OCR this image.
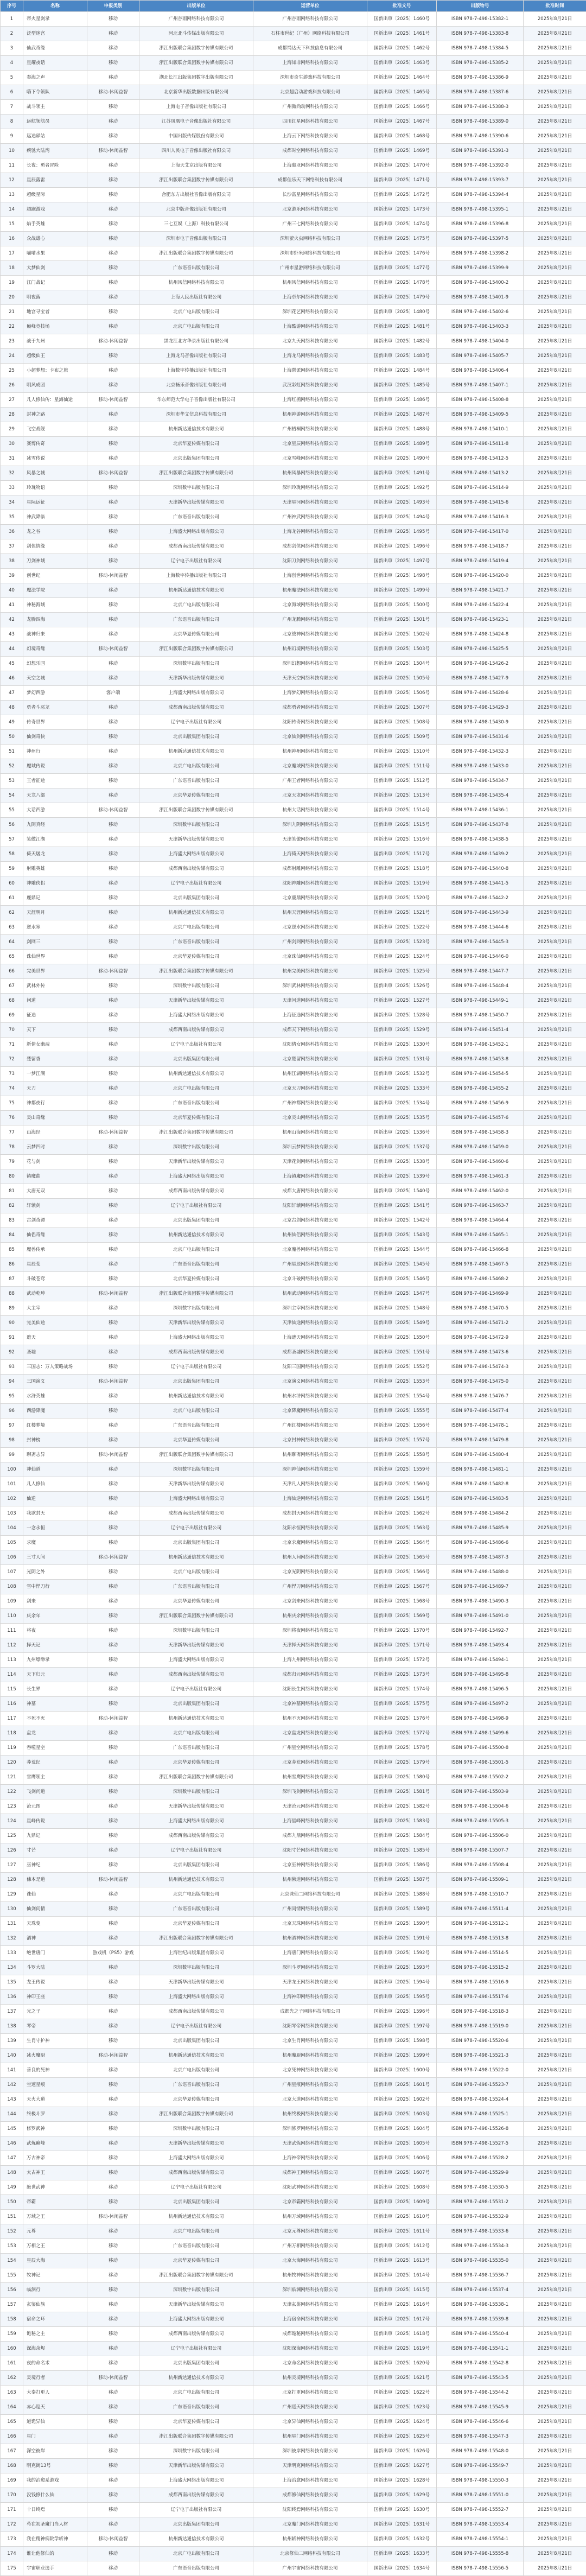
序号	名称	申报类别	出版单位	运营单位	批准文号	出版物号	批准时间
1	帝火星剑录	移动	广州谷雨网络科技有限公司	广州谷雨网络科技有限公司	国新出审〔2025〕1460号	ISBN 978-7-498-15382-1	2025年8月21日
2	泛型迷宫	移动	河北北斗传媒出版有限公司	石柱市世纪（广州）网络科技有限公司	国新出审〔2025〕1461号	ISBN 978-7-498-15383-8	2025年8月21日
3	仙武奇缘	移动	浙江出版联合集团数字传媒有限公司	成都绳达天下科技信息有限公司	国新出审〔2025〕1462号	ISBN 978-7-498-15384-5	2025年8月21日
4	星耀夜话	移动	浙江出版联合集团数字传媒有限公司	上海知非网络科技有限公司	国新出审〔2025〕1463号	ISBN 978-7-498-15385-2	2025年8月21日
5	秦海之声	移动	湖北长江出版集团数字出版有限公司	深圳市奇生游戏科技有限公司	国新出审〔2025〕1464号	ISBN 978-7-498-15386-9	2025年8月21日
6	嗨下令领队	移动-休闲益智	北京新华出版数据出版有限公司	北京超启动游戏科技有限公司	国新出审〔2025〕1465号	ISBN 978-7-498-15387-6	2025年8月21日
7	战斗领主	移动	上海电子音像出版社有限公司	广州微尚动网科技有限公司	国新出审〔2025〕1466号	ISBN 978-7-498-15388-3	2025年8月21日
8	远航领航员	移动	江苏凤凰电子音像出版社有限公司	四川红星网络科技有限公司	国新出审〔2025〕1467号	ISBN 978-7-498-15389-0	2025年8月21日
9	远途驿站	移动	中国出版传媒股份有限公司	上海云下网络科技有限公司	国新出审〔2025〕1468号	ISBN 978-7-498-15390-6	2025年8月21日
10	疾驰大陆湾	移动-休闲益智	四川人民电子音像出版社有限公司	成都时空网络科技有限公司	国新出审〔2025〕1469号	ISBN 978-7-498-15391-3	2025年8月21日
11	长夜：勇者冒险	移动	上海天艾京出版有限公司	上海惠亚网络科技有限公司	国新出审〔2025〕1470号	ISBN 978-7-498-15392-0	2025年8月21日
12	星辰落雷	移动	浙江出版联合集团数字传媒有限公司	成都佳乐天下网络科技有限公司	国新出审〔2025〕1471号	ISBN 978-7-498-15393-7	2025年8月21日
13	超级星际	移动	合肥东方出版社音像出版有限公司	长沙富星网络科技有限公司	国新出审〔2025〕1472号	ISBN 978-7-498-15394-4	2025年8月21日
14	超跑游戏	移动	北京中版音像出版社有限公司	北京游乐网络科技有限公司	国新出审〔2025〕1473号	ISBN 978-7-498-15395-1	2025年8月21日
15	焰手英雄	移动	三七互娱（上海）科技有限公司	广州三七网络科技有限公司	国新出审〔2025〕1474号	ISBN 978-7-498-15396-8	2025年8月21日
16	众战雄心	移动	深圳市电子音像出版有限公司	深圳萤火虫网络科技有限公司	国新出审〔2025〕1475号	ISBN 978-7-498-15397-5	2025年8月21日
17	喵喵水果	移动	浙江出版联合集团数字传媒有限公司	深圳市虾米网络科技有限公司	国新出审〔2025〕1476号	ISBN 978-7-498-15398-2	2025年8月21日
18	大梦仙剑	移动	广东语音出版有限公司	广州市星游网络科技有限公司	国新出审〔2025〕1477号	ISBN 978-7-498-15399-9	2025年8月21日
19	江门战记	移动	杭州风信网络科技有限公司	杭州风信网络科技有限公司	国新出审〔2025〕1478号	ISBN 978-7-498-15400-2	2025年8月21日
20	明夜落	移动	上海人民出版社有限公司	上海卓尔网络科技有限公司	国新出审〔2025〕1479号	ISBN 978-7-498-15401-9	2025年8月21日
21	地宫寻宝者	移动	北京广电出版有限公司	深圳花艺网络科技有限公司	国新出审〔2025〕1480号	ISBN 978-7-498-15402-6	2025年8月21日
22	巅峰竞技场	移动	北京广电出版有限公司	上海酷游网络科技有限公司	国新出审〔2025〕1481号	ISBN 978-7-498-15403-3	2025年8月21日
23	战于九州	移动-休闲益智	黑龙江北方华录出版社有限公司	北京九天网络科技有限公司	国新出审〔2025〕1482号	ISBN 978-7-498-15404-0	2025年8月21日
24	超级仙王	移动	上海龙马音像出版社有限公司	上海龙马网络科技有限公司	国新出审〔2025〕1483号	ISBN 978-7-498-15405-7	2025年8月21日
25	小超梦想：卡布之旅	移动	上海数字传播出版社有限公司	上海帮派网络科技有限公司	国新出审〔2025〕1484号	ISBN 978-7-498-15406-4	2025年8月21日
26	明风成团	移动	北京畅乐音像出版社有限公司	武汉彩虹网络科技有限公司	国新出审〔2025〕1485号	ISBN 978-7-498-15407-1	2025年8月21日
27	凡人修仙传：星海仙途	移动-休闲益智	华东师范大学电子音像出版社有限公司	上海红鹊网络科技有限公司	国新出审〔2025〕1486号	ISBN 978-7-498-15408-8	2025年8月21日
28	封神之路	移动	深圳市华文信息科技有限公司	杭州神游网络科技有限公司	国新出审〔2025〕1487号	ISBN 978-7-498-15409-5	2025年8月21日
29	飞空战舰	移动	杭州新达通信技术有限公司	广州梧桐网络科技有限公司	国新出审〔2025〕1488号	ISBN 978-7-498-15410-1	2025年8月21日
30	赛博传奇	移动	北京华夏传媒有限公司	北京星辰网络科技有限公司	国新出审〔2025〕1489号	ISBN 978-7-498-15411-8	2025年8月21日
31	冰雪传说	移动	北京出版集团有限公司	北京雪峰网络科技有限公司	国新出审〔2025〕1490号	ISBN 978-7-498-15412-5	2025年8月21日
32	风暴之城	移动-休闲益智	浙江出版联合集团数字传媒有限公司	杭州风暴网络科技有限公司	国新出审〔2025〕1491号	ISBN 978-7-498-15413-2	2025年8月21日
33	玲珑物语	移动	深圳数字出版有限公司	深圳玲珑网络科技有限公司	国新出审〔2025〕1492号	ISBN 978-7-498-15414-9	2025年8月21日
34	星际远征	移动	天津新华出版传媒有限公司	天津星河网络科技有限公司	国新出审〔2025〕1493号	ISBN 978-7-498-15415-6	2025年8月21日
35	神武降临	移动	广东语音出版有限公司	广州神武网络科技有限公司	国新出审〔2025〕1494号	ISBN 978-7-498-15416-3	2025年8月21日
36	龙之谷	移动	上海盛大网络出版有限公司	上海龙谷网络科技有限公司	国新出审〔2025〕1495号	ISBN 978-7-498-15417-0	2025年8月21日
37	剑侠情缘	移动	成都西南出版传媒有限公司	成都剑侠网络科技有限公司	国新出审〔2025〕1496号	ISBN 978-7-498-15418-7	2025年8月21日
38	刀剑神域	移动	辽宁电子出版社有限公司	沈阳刀剑网络科技有限公司	国新出审〔2025〕1497号	ISBN 978-7-498-15419-4	2025年8月21日
39	创世纪	移动-休闲益智	上海数字传播出版社有限公司	上海创世网络科技有限公司	国新出审〔2025〕1498号	ISBN 978-7-498-15420-0	2025年8月21日
40	魔法学院	移动	杭州新达通信技术有限公司	杭州魔法网络科技有限公司	国新出审〔2025〕1499号	ISBN 978-7-498-15421-7	2025年8月21日
41	神秘海域	移动	北京广电出版有限公司	北京海域网络科技有限公司	国新出审〔2025〕1500号	ISBN 978-7-498-15422-4	2025年8月21日
42	龙腾四海	移动	广东语音出版有限公司	广州龙腾网络科技有限公司	国新出审〔2025〕1501号	ISBN 978-7-498-15423-1	2025年8月21日
43	战神归来	移动	北京华夏传媒有限公司	北京战神网络科技有限公司	国新出审〔2025〕1502号	ISBN 978-7-498-15424-8	2025年8月21日
44	幻境奇缘	移动-休闲益智	浙江出版联合集团数字传媒有限公司	杭州幻境网络科技有限公司	国新出审〔2025〕1503号	ISBN 978-7-498-15425-5	2025年8月21日
45	幻想乐园	移动	深圳数字出版有限公司	深圳幻想网络科技有限公司	国新出审〔2025〕1504号	ISBN 978-7-498-15426-2	2025年8月21日
46	天空之城	移动	天津新华出版传媒有限公司	天津天空网络科技有限公司	国新出审〔2025〕1505号	ISBN 978-7-498-15427-9	2025年8月21日
47	梦幻西游	客户端	上海盛大网络出版有限公司	上海梦幻网络科技有限公司	国新出审〔2025〕1506号	ISBN 978-7-498-15428-6	2025年8月21日
48	勇者斗恶龙	移动	成都西南出版传媒有限公司	成都勇者网络科技有限公司	国新出审〔2025〕1507号	ISBN 978-7-498-15429-3	2025年8月21日
49	传奇世界	移动	辽宁电子出版社有限公司	沈阳传奇网络科技有限公司	国新出审〔2025〕1508号	ISBN 978-7-498-15430-9	2025年8月21日
50	仙剑奇侠	移动	北京出版集团有限公司	北京仙剑网络科技有限公司	国新出审〔2025〕1509号	ISBN 978-7-498-15431-6	2025年8月21日
51	神州行	移动	杭州新达通信技术有限公司	杭州神州网络科技有限公司	国新出审〔2025〕1510号	ISBN 978-7-498-15432-3	2025年8月21日
52	魔域传说	移动	北京广电出版有限公司	北京魔域网络科技有限公司	国新出审〔2025〕1511号	ISBN 978-7-498-15433-0	2025年8月21日
53	王者征途	移动	广东语音出版有限公司	广州王者网络科技有限公司	国新出审〔2025〕1512号	ISBN 978-7-498-15434-7	2025年8月21日
54	天龙八部	移动	北京华夏传媒有限公司	北京天龙网络科技有限公司	国新出审〔2025〕1513号	ISBN 978-7-498-15435-4	2025年8月21日
55	大话西游	移动-休闲益智	浙江出版联合集团数字传媒有限公司	杭州大话网络科技有限公司	国新出审〔2025〕1514号	ISBN 978-7-498-15436-1	2025年8月21日
56	九阴真经	移动	深圳数字出版有限公司	深圳九阴网络科技有限公司	国新出审〔2025〕1515号	ISBN 978-7-498-15437-8	2025年8月21日
57	笑傲江湖	移动	天津新华出版传媒有限公司	天津笑傲网络科技有限公司	国新出审〔2025〕1516号	ISBN 978-7-498-15438-5	2025年8月21日
58	倚天屠龙	移动	上海盛大网络出版有限公司	上海倚天网络科技有限公司	国新出审〔2025〕1517号	ISBN 978-7-498-15439-2	2025年8月21日
59	射雕英雄	移动	成都西南出版传媒有限公司	成都射雕网络科技有限公司	国新出审〔2025〕1518号	ISBN 978-7-498-15440-8	2025年8月21日
60	神雕侠侣	移动	辽宁电子出版社有限公司	沈阳神雕网络科技有限公司	国新出审〔2025〕1519号	ISBN 978-7-498-15441-5	2025年8月21日
61	鹿鼎记	移动	北京出版集团有限公司	北京鹿鼎网络科技有限公司	国新出审〔2025〕1520号	ISBN 978-7-498-15442-2	2025年8月21日
62	天涯明月	移动	杭州新达通信技术有限公司	杭州天涯网络科技有限公司	国新出审〔2025〕1521号	ISBN 978-7-498-15443-9	2025年8月21日
63	逆水寒	移动	北京广电出版有限公司	北京逆水网络科技有限公司	国新出审〔2025〕1522号	ISBN 978-7-498-15444-6	2025年8月21日
64	剑网三	移动	广东语音出版有限公司	广州剑网网络科技有限公司	国新出审〔2025〕1523号	ISBN 978-7-498-15445-3	2025年8月21日
65	诛仙世界	移动	北京华夏传媒有限公司	北京诛仙网络科技有限公司	国新出审〔2025〕1524号	ISBN 978-7-498-15446-0	2025年8月21日
66	完美世界	移动-休闲益智	浙江出版联合集团数字传媒有限公司	杭州完美网络科技有限公司	国新出审〔2025〕1525号	ISBN 978-7-498-15447-7	2025年8月21日
67	武林外传	移动	深圳数字出版有限公司	深圳武林网络科技有限公司	国新出审〔2025〕1526号	ISBN 978-7-498-15448-4	2025年8月21日
68	问道	移动	天津新华出版传媒有限公司	天津问道网络科技有限公司	国新出审〔2025〕1527号	ISBN 978-7-498-15449-1	2025年8月21日
69	征途	移动	上海盛大网络出版有限公司	上海征途网络科技有限公司	国新出审〔2025〕1528号	ISBN 978-7-498-15450-7	2025年8月21日
70	天下	移动	成都西南出版传媒有限公司	成都天下网络科技有限公司	国新出审〔2025〕1529号	ISBN 978-7-498-15451-4	2025年8月21日
71	新倩女幽魂	移动	辽宁电子出版社有限公司	沈阳倩女网络科技有限公司	国新出审〔2025〕1530号	ISBN 978-7-498-15452-1	2025年8月21日
72	楚留香	移动	北京出版集团有限公司	北京楚留网络科技有限公司	国新出审〔2025〕1531号	ISBN 978-7-498-15453-8	2025年8月21日
73	一梦江湖	移动	杭州新达通信技术有限公司	杭州江湖网络科技有限公司	国新出审〔2025〕1532号	ISBN 978-7-498-15454-5	2025年8月21日
74	天刀	移动	北京广电出版有限公司	北京天刀网络科技有限公司	国新出审〔2025〕1533号	ISBN 978-7-498-15455-2	2025年8月21日
75	神都夜行	移动	广东语音出版有限公司	广州神都网络科技有限公司	国新出审〔2025〕1534号	ISBN 978-7-498-15456-9	2025年8月21日
76	灵山奇缘	移动	北京华夏传媒有限公司	北京灵山网络科技有限公司	国新出审〔2025〕1535号	ISBN 978-7-498-15457-6	2025年8月21日
77	山海经	移动-休闲益智	浙江出版联合集团数字传媒有限公司	杭州山海网络科技有限公司	国新出审〔2025〕1536号	ISBN 978-7-498-15458-3	2025年8月21日
78	云梦四时	移动	深圳数字出版有限公司	深圳云梦网络科技有限公司	国新出审〔2025〕1537号	ISBN 978-7-498-15459-0	2025年8月21日
79	花与剑	移动	天津新华出版传媒有限公司	天津花剑网络科技有限公司	国新出审〔2025〕1538号	ISBN 978-7-498-15460-6	2025年8月21日
80	镇魔曲	移动	上海盛大网络出版有限公司	上海镇魔网络科技有限公司	国新出审〔2025〕1539号	ISBN 978-7-498-15461-3	2025年8月21日
81	大唐无双	移动	成都西南出版传媒有限公司	成都大唐网络科技有限公司	国新出审〔2025〕1540号	ISBN 978-7-498-15462-0	2025年8月21日
82	轩辕剑	移动	辽宁电子出版社有限公司	沈阳轩辕网络科技有限公司	国新出审〔2025〕1541号	ISBN 978-7-498-15463-7	2025年8月21日
83	古剑奇谭	移动	北京出版集团有限公司	北京古剑网络科技有限公司	国新出审〔2025〕1542号	ISBN 978-7-498-15464-4	2025年8月21日
84	仙侣奇缘	移动	杭州新达通信技术有限公司	杭州仙侣网络科技有限公司	国新出审〔2025〕1543号	ISBN 978-7-498-15465-1	2025年8月21日
85	魔兽传承	移动	北京广电出版有限公司	北京魔兽网络科技有限公司	国新出审〔2025〕1544号	ISBN 978-7-498-15466-8	2025年8月21日
86	星辰变	移动	广东语音出版有限公司	广州星辰网络科技有限公司	国新出审〔2025〕1545号	ISBN 978-7-498-15467-5	2025年8月21日
87	斗破苍穹	移动	北京华夏传媒有限公司	北京斗破网络科技有限公司	国新出审〔2025〕1546号	ISBN 978-7-498-15468-2	2025年8月21日
88	武动乾坤	移动-休闲益智	浙江出版联合集团数字传媒有限公司	杭州武动网络科技有限公司	国新出审〔2025〕1547号	ISBN 978-7-498-15469-9	2025年8月21日
89	大主宰	移动	深圳数字出版有限公司	深圳主宰网络科技有限公司	国新出审〔2025〕1548号	ISBN 978-7-498-15470-5	2025年8月21日
90	完美仙途	移动	天津新华出版传媒有限公司	天津仙途网络科技有限公司	国新出审〔2025〕1549号	ISBN 978-7-498-15471-2	2025年8月21日
91	遮天	移动	上海盛大网络出版有限公司	上海遮天网络科技有限公司	国新出审〔2025〕1550号	ISBN 978-7-498-15472-9	2025年8月21日
92	圣墟	移动	成都西南出版传媒有限公司	成都圣墟网络科技有限公司	国新出审〔2025〕1551号	ISBN 978-7-498-15473-6	2025年8月21日
93	三国志：万人策略战场	移动	辽宁电子出版社有限公司	沈阳三国网络科技有限公司	国新出审〔2025〕1552号	ISBN 978-7-498-15474-3	2025年8月21日
94	三国演义	移动-休闲益智	北京出版集团有限公司	北京演义网络科技有限公司	国新出审〔2025〕1553号	ISBN 978-7-498-15475-0	2025年8月21日
95	水浒英雄	移动	杭州新达通信技术有限公司	杭州水浒网络科技有限公司	国新出审〔2025〕1554号	ISBN 978-7-498-15476-7	2025年8月21日
96	西游降魔	移动	北京广电出版有限公司	北京降魔网络科技有限公司	国新出审〔2025〕1555号	ISBN 978-7-498-15477-4	2025年8月21日
97	红楼梦境	移动	广东语音出版有限公司	广州红楼网络科技有限公司	国新出审〔2025〕1556号	ISBN 978-7-498-15478-1	2025年8月21日
98	封神榜	移动	北京华夏传媒有限公司	北京封神网络科技有限公司	国新出审〔2025〕1557号	ISBN 978-7-498-15479-8	2025年8月21日
99	聊斋志异	移动-休闲益智	浙江出版联合集团数字传媒有限公司	杭州聊斋网络科技有限公司	国新出审〔2025〕1558号	ISBN 978-7-498-15480-4	2025年8月21日
100	神仙道	移动	深圳数字出版有限公司	深圳神仙网络科技有限公司	国新出审〔2025〕1559号	ISBN 978-7-498-15481-1	2025年8月21日
101	凡人修仙	移动	天津新华出版传媒有限公司	天津凡人网络科技有限公司	国新出审〔2025〕1560号	ISBN 978-7-498-15482-8	2025年8月21日
102	仙逆	移动	上海盛大网络出版有限公司	上海仙逆网络科技有限公司	国新出审〔2025〕1561号	ISBN 978-7-498-15483-5	2025年8月21日
103	我欲封天	移动	成都西南出版传媒有限公司	成都封天网络科技有限公司	国新出审〔2025〕1562号	ISBN 978-7-498-15484-2	2025年8月21日
104	一念永恒	移动	辽宁电子出版社有限公司	沈阳永恒网络科技有限公司	国新出审〔2025〕1563号	ISBN 978-7-498-15485-9	2025年8月21日
105	求魔	移动	北京出版集团有限公司	北京求魔网络科技有限公司	国新出审〔2025〕1564号	ISBN 978-7-498-15486-6	2025年8月21日
106	三寸人间	移动-休闲益智	杭州新达通信技术有限公司	杭州人间网络科技有限公司	国新出审〔2025〕1565号	ISBN 978-7-498-15487-3	2025年8月21日
107	光阴之外	移动	北京广电出版有限公司	北京光阴网络科技有限公司	国新出审〔2025〕1566号	ISBN 978-7-498-15488-0	2025年8月21日
108	雪中悍刀行	移动	广东语音出版有限公司	广州悍刀网络科技有限公司	国新出审〔2025〕1567号	ISBN 978-7-498-15489-7	2025年8月21日
109	剑来	移动	北京华夏传媒有限公司	北京剑来网络科技有限公司	国新出审〔2025〕1568号	ISBN 978-7-498-15490-3	2025年8月21日
110	庆余年	移动	浙江出版联合集团数字传媒有限公司	杭州庆余网络科技有限公司	国新出审〔2025〕1569号	ISBN 978-7-498-15491-0	2025年8月21日
111	将夜	移动	深圳数字出版有限公司	深圳将夜网络科技有限公司	国新出审〔2025〕1570号	ISBN 978-7-498-15492-7	2025年8月21日
112	择天记	移动	天津新华出版传媒有限公司	天津择天网络科技有限公司	国新出审〔2025〕1571号	ISBN 978-7-498-15493-4	2025年8月21日
113	九州缥缈录	移动	上海盛大网络出版有限公司	上海九州网络科技有限公司	国新出审〔2025〕1572号	ISBN 978-7-498-15494-1	2025年8月21日
114	天下归元	移动	成都西南出版传媒有限公司	成都归元网络科技有限公司	国新出审〔2025〕1573号	ISBN 978-7-498-15495-8	2025年8月21日
115	长生界	移动	辽宁电子出版社有限公司	沈阳长生网络科技有限公司	国新出审〔2025〕1574号	ISBN 978-7-498-15496-5	2025年8月21日
116	神墓	移动	北京出版集团有限公司	北京神墓网络科技有限公司	国新出审〔2025〕1575号	ISBN 978-7-498-15497-2	2025年8月21日
117	不死不灭	移动-休闲益智	杭州新达通信技术有限公司	杭州不灭网络科技有限公司	国新出审〔2025〕1576号	ISBN 978-7-498-15498-9	2025年8月21日
118	盘龙	移动	北京广电出版有限公司	北京盘龙网络科技有限公司	国新出审〔2025〕1577号	ISBN 978-7-498-15499-6	2025年8月21日
119	吞噬星空	移动	广东语音出版有限公司	广州星空网络科技有限公司	国新出审〔2025〕1578号	ISBN 978-7-498-15500-8	2025年8月21日
120	莽荒纪	移动	北京华夏传媒有限公司	北京莽荒网络科技有限公司	国新出审〔2025〕1579号	ISBN 978-7-498-15501-5	2025年8月21日
121	雪鹰领主	移动	浙江出版联合集团数字传媒有限公司	杭州雪鹰网络科技有限公司	国新出审〔2025〕1580号	ISBN 978-7-498-15502-2	2025年8月21日
122	飞剑问道	移动	深圳数字出版有限公司	深圳飞剑网络科技有限公司	国新出审〔2025〕1581号	ISBN 978-7-498-15503-9	2025年8月21日
123	沧元图	移动	天津新华出版传媒有限公司	天津沧元网络科技有限公司	国新出审〔2025〕1582号	ISBN 978-7-498-15504-6	2025年8月21日
124	星峰传说	移动	上海盛大网络出版有限公司	上海星峰网络科技有限公司	国新出审〔2025〕1583号	ISBN 978-7-498-15505-3	2025年8月21日
125	九鼎记	移动	成都西南出版传媒有限公司	成都九鼎网络科技有限公司	国新出审〔2025〕1584号	ISBN 978-7-498-15506-0	2025年8月21日
126	寸芒	移动	辽宁电子出版社有限公司	沈阳寸芒网络科技有限公司	国新出审〔2025〕1585号	ISBN 978-7-498-15507-7	2025年8月21日
127	巫神纪	移动	北京出版集团有限公司	北京巫神网络科技有限公司	国新出审〔2025〕1586号	ISBN 978-7-498-15508-4	2025年8月21日
128	佛本是道	移动-休闲益智	杭州新达通信技术有限公司	杭州佛道网络科技有限公司	国新出审〔2025〕1587号	ISBN 978-7-498-15509-1	2025年8月21日
129	诛仙	移动	北京广电出版有限公司	北京诛仙二网络科技有限公司	国新出审〔2025〕1588号	ISBN 978-7-498-15510-7	2025年8月21日
130	仙剑问情	移动	广东语音出版有限公司	广州问情网络科技有限公司	国新出审〔2025〕1589号	ISBN 978-7-498-15511-4	2025年8月21日
131	天珠变	移动	北京华夏传媒有限公司	北京天珠网络科技有限公司	国新出审〔2025〕1590号	ISBN 978-7-498-15512-1	2025年8月21日
132	酒神	移动	浙江出版联合集团数字传媒有限公司	杭州酒神网络科技有限公司	国新出审〔2025〕1591号	ISBN 978-7-498-15513-8	2025年8月21日
133	绝世唐门	游戏机（PS5）游戏	上海世纪出版集团有限公司	上海唐门网络科技有限公司	国新出审〔2025〕1592号	ISBN 978-7-498-15514-5	2025年8月21日
134	斗罗大陆	移动	深圳数字出版有限公司	深圳斗罗网络科技有限公司	国新出审〔2025〕1593号	ISBN 978-7-498-15515-2	2025年8月21日
135	龙王传说	移动	天津新华出版传媒有限公司	天津龙王网络科技有限公司	国新出审〔2025〕1594号	ISBN 978-7-498-15516-9	2025年8月21日
136	神印王座	移动	上海盛大网络出版有限公司	上海神印网络科技有限公司	国新出审〔2025〕1595号	ISBN 978-7-498-15517-6	2025年8月21日
137	光之子	移动	成都西南出版传媒有限公司	成都光之子网络科技有限公司	国新出审〔2025〕1596号	ISBN 978-7-498-15518-3	2025年8月21日
138	琴帝	移动	辽宁电子出版社有限公司	沈阳琴帝网络科技有限公司	国新出审〔2025〕1597号	ISBN 978-7-498-15519-0	2025年8月21日
139	生肖守护神	移动	北京出版集团有限公司	北京生肖网络科技有限公司	国新出审〔2025〕1598号	ISBN 978-7-498-15520-6	2025年8月21日
140	冰火魔厨	移动-休闲益智	杭州新达通信技术有限公司	杭州魔厨网络科技有限公司	国新出审〔2025〕1599号	ISBN 978-7-498-15521-3	2025年8月21日
141	善良的死神	移动	北京广电出版有限公司	北京死神网络科技有限公司	国新出审〔2025〕1600号	ISBN 978-7-498-15522-0	2025年8月21日
142	空速星痕	移动	广东语音出版有限公司	广州星痕网络科技有限公司	国新出审〔2025〕1601号	ISBN 978-7-498-15523-7	2025年8月21日
143	天火大道	移动	北京华夏传媒有限公司	北京大道网络科技有限公司	国新出审〔2025〕1602号	ISBN 978-7-498-15524-4	2025年8月21日
144	终极斗罗	移动	浙江出版联合集团数字传媒有限公司	杭州终极网络科技有限公司	国新出审〔2025〕1603号	ISBN 978-7-498-15525-1	2025年8月21日
145	修罗武神	移动	深圳数字出版有限公司	深圳修罗网络科技有限公司	国新出审〔2025〕1604号	ISBN 978-7-498-15526-8	2025年8月21日
146	武炼巅峰	移动	天津新华出版传媒有限公司	天津武炼网络科技有限公司	国新出审〔2025〕1605号	ISBN 978-7-498-15527-5	2025年8月21日
147	万古神帝	移动	上海盛大网络出版有限公司	上海神帝网络科技有限公司	国新出审〔2025〕1606号	ISBN 978-7-498-15528-2	2025年8月21日
148	太古神王	移动	成都西南出版传媒有限公司	成都神王网络科技有限公司	国新出审〔2025〕1607号	ISBN 978-7-498-15529-9	2025年8月21日
149	绝世武神	移动	辽宁电子出版社有限公司	沈阳武神网络科技有限公司	国新出审〔2025〕1608号	ISBN 978-7-498-15530-5	2025年8月21日
150	帝霸	移动	北京出版集团有限公司	北京帝霸网络科技有限公司	国新出审〔2025〕1609号	ISBN 978-7-498-15531-2	2025年8月21日
151	万域之王	移动-休闲益智	杭州新达通信技术有限公司	杭州万域网络科技有限公司	国新出审〔2025〕1610号	ISBN 978-7-498-15532-9	2025年8月21日
152	元尊	移动	北京广电出版有限公司	北京元尊网络科技有限公司	国新出审〔2025〕1611号	ISBN 978-7-498-15533-6	2025年8月21日
153	万相之王	移动	广东语音出版有限公司	广州万相网络科技有限公司	国新出审〔2025〕1612号	ISBN 978-7-498-15534-3	2025年8月21日
154	星辰大海	移动	北京华夏传媒有限公司	北京大海网络科技有限公司	国新出审〔2025〕1613号	ISBN 978-7-498-15535-0	2025年8月21日
155	牧神记	移动	浙江出版联合集团数字传媒有限公司	杭州牧神网络科技有限公司	国新出审〔2025〕1614号	ISBN 978-7-498-15536-7	2025年8月21日
156	临渊行	移动	深圳数字出版有限公司	深圳临渊网络科技有限公司	国新出审〔2025〕1615号	ISBN 978-7-498-15537-4	2025年8月21日
157	玄鉴仙族	移动	天津新华出版传媒有限公司	天津玄鉴网络科技有限公司	国新出审〔2025〕1616号	ISBN 978-7-498-15538-1	2025年8月21日
158	宿命之环	移动	上海盛大网络出版有限公司	上海宿命网络科技有限公司	国新出审〔2025〕1617号	ISBN 978-7-498-15539-8	2025年8月21日
159	诡秘之主	移动	成都西南出版传媒有限公司	成都诡秘网络科技有限公司	国新出审〔2025〕1618号	ISBN 978-7-498-15540-4	2025年8月21日
160	深海余烬	移动	辽宁电子出版社有限公司	沈阳深海网络科技有限公司	国新出审〔2025〕1619号	ISBN 978-7-498-15541-1	2025年8月21日
161	夜的命名术	移动	北京出版集团有限公司	北京命名网络科技有限公司	国新出审〔2025〕1620号	ISBN 978-7-498-15542-8	2025年8月21日
162	灵境行者	移动-休闲益智	杭州新达通信技术有限公司	杭州灵境网络科技有限公司	国新出审〔2025〕1621号	ISBN 978-7-498-15543-5	2025年8月21日
163	大奉打更人	移动	北京广电出版有限公司	北京打更网络科技有限公司	国新出审〔2025〕1622号	ISBN 978-7-498-15544-2	2025年8月21日
164	赤心巡天	移动	广东语音出版有限公司	广州巡天网络科技有限公司	国新出审〔2025〕1623号	ISBN 978-7-498-15545-9	2025年8月21日
165	道诡异仙	移动	北京华夏传媒有限公司	北京异仙网络科技有限公司	国新出审〔2025〕1624号	ISBN 978-7-498-15546-6	2025年8月21日
166	星门	移动	浙江出版联合集团数字传媒有限公司	杭州星门网络科技有限公司	国新出审〔2025〕1625号	ISBN 978-7-498-15547-3	2025年8月21日
167	深空彼岸	移动	深圳数字出版有限公司	深圳彼岸网络科技有限公司	国新出审〔2025〕1626号	ISBN 978-7-498-15548-0	2025年8月21日
168	明克街13号	移动	天津新华出版传媒有限公司	天津明克网络科技有限公司	国新出审〔2025〕1627号	ISBN 978-7-498-15549-7	2025年8月21日
169	我的治愈系游戏	移动	上海盛大网络出版有限公司	上海治愈网络科技有限公司	国新出审〔2025〕1628号	ISBN 978-7-498-15550-3	2025年8月21日
170	没钱修什么仙	移动	成都西南出版传媒有限公司	成都修仙网络科技有限公司	国新出审〔2025〕1629号	ISBN 978-7-498-15551-0	2025年8月21日
171	十日终焉	移动	辽宁电子出版社有限公司	沈阳终焉网络科技有限公司	国新出审〔2025〕1630号	ISBN 978-7-498-15552-7	2025年8月21日
172	苟在初圣魔门当人材	移动	北京出版集团有限公司	北京魔门网络科技有限公司	国新出审〔2025〕1631号	ISBN 978-7-498-15553-4	2025年8月21日
173	我在精神病院学斩神	移动-休闲益智	杭州新达通信技术有限公司	杭州斩神网络科技有限公司	国新出审〔2025〕1632号	ISBN 978-7-498-15554-1	2025年8月21日
174	谁让他修仙的	移动	北京广电出版有限公司	北京修仙二网络科技有限公司	国新出审〔2025〕1633号	ISBN 978-7-498-15555-8	2025年8月21日
175	宇宙职业选手	移动	广东语音出版有限公司	广州宇宙网络科技有限公司	国新出审〔2025〕1634号	ISBN 978-7-498-15556-5	2025年8月21日
